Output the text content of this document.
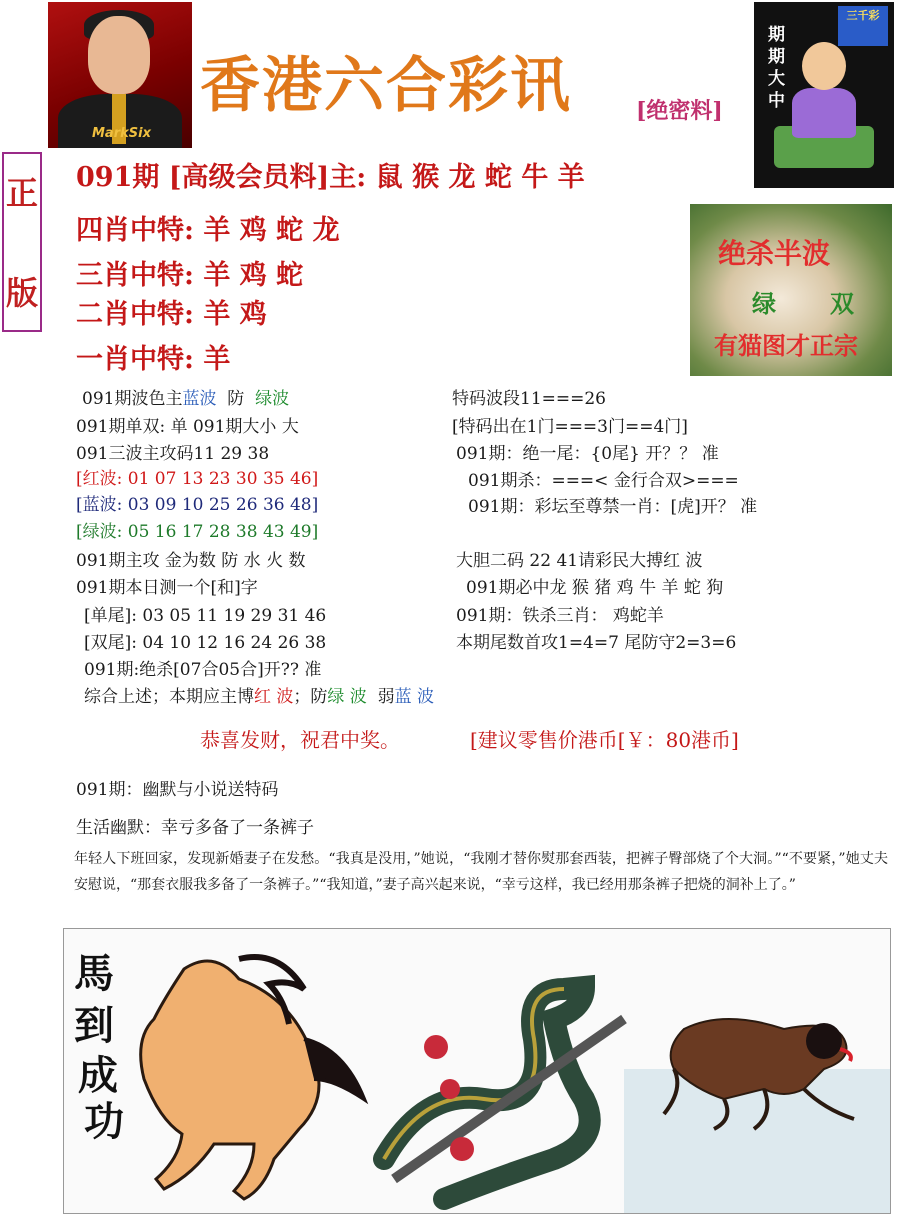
MarkSix
香港六合彩讯	[绝密料]
三千彩
期期大中
正
版
091期 [高级会员料]主: 鼠 猴 龙 蛇 牛 羊
四肖中特: 羊 鸡 蛇 龙
三肖中特: 羊 鸡 蛇
二肖中特: 羊 鸡
一肖中特: 羊
绝杀半波
绿 双
有猫图才正宗
091期波色主蓝波  防  绿波
091期单双: 单 091期大小 大
091三波主攻码11 29 38
[红波: 01 07 13 23 30 35 46]
[蓝波: 03 09 10 25 26 36 48]
[绿波: 05 16 17 28 38 43 49]
091期主攻 金为数 防 水 火 数
091期本日测一个[和]字
[单尾]: 03 05 11 19 29 31 46
[双尾]: 04 10 12 16 24 26 38
091期:绝杀[07合05合]开?? 准
综合上述；本期应主博红 波；防绿 波  弱蓝 波
特码波段11===26
[特码出在1门===3门==4门]
091期：绝一尾：{0尾} 开？？ 准
091期杀：===< 金行合双>===
091期：彩坛至尊禁一肖：[虎]开？ 准
大胆二码 22 41请彩民大搏红 波
091期必中龙 猴 猪 鸡 牛 羊 蛇 狗
091期：铁杀三肖： 鸡蛇羊
本期尾数首攻1=4=7 尾防守2=3=6
恭喜发财，祝君中奖。	[建议零售价港币[￥：80港币]
091期：幽默与小说送特码
生活幽默：幸亏多备了一条裤子
年轻人下班回家，发现新婚妻子在发愁。“我真是没用，”她说，“我刚才替你熨那套西装，把裤子臀部烧了个大洞。”“不要紧，”她丈夫安慰说，“那套衣服我多备了一条裤子。”“我知道，”妻子高兴起来说，“幸亏这样，我已经用那条裤子把烧的洞补上了。”
馬到成功
